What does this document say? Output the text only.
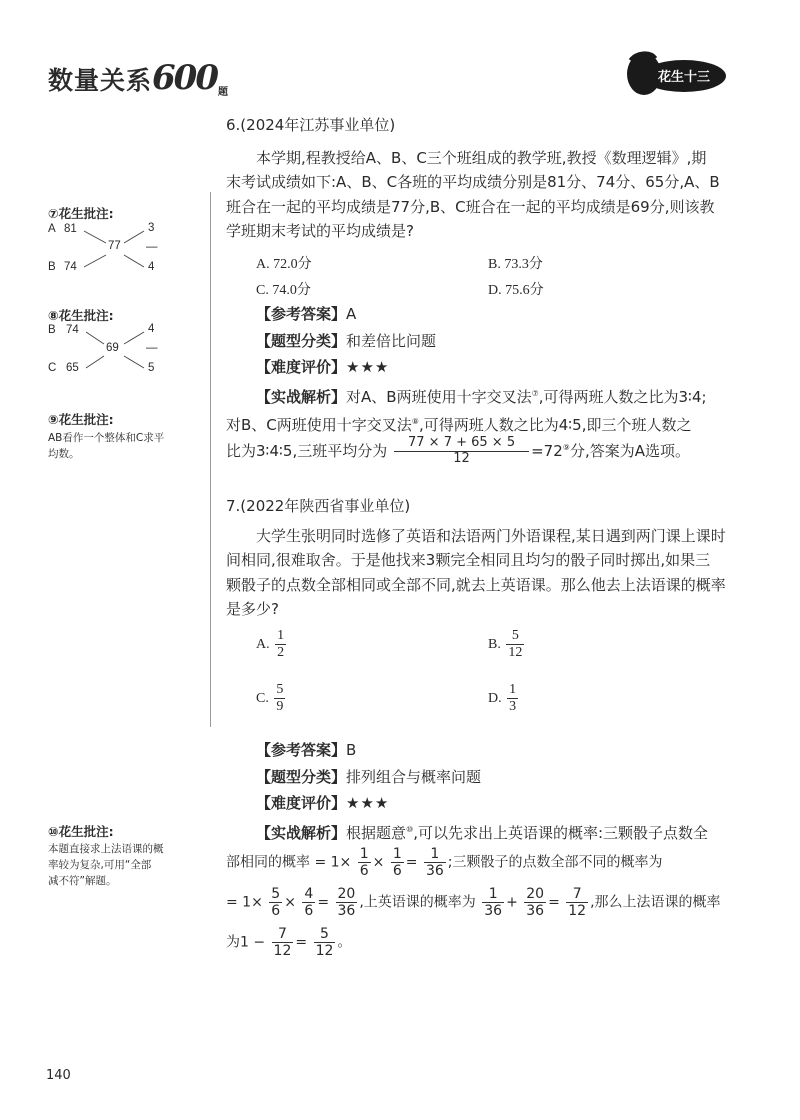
数量关系600题
花生十三
⑦花生批注:
A 81
B 74
77
3
—
4
⑧花生批注:
B 74
C 65
69
4
—
5
⑨花生批注:
AB看作一个整体和C求平
均数。
⑩花生批注:
本题直接求上法语课的概
率较为复杂,可用“全部
减不符”解题。
6.(2024年江苏事业单位)
本学期,程教授给A、B、C三个班组成的教学班,教授《数理逻辑》,期
末考试成绩如下:A、B、C各班的平均成绩分别是81分、74分、65分,A、B
班合在一起的平均成绩是77分,B、C班合在一起的平均成绩是69分,则该教
学班期末考试的平均成绩是?
A. 72.0分	B. 73.3分
C. 74.0分	D. 75.6分
【参考答案】A
【题型分类】和差倍比问题
【难度评价】★★★
【实战解析】对A、B两班使用十字交叉法⑦,可得两班人数之比为3∶4;
对B、C两班使用十字交叉法⑧,可得两班人数之比为4∶5,即三个班人数之
比为3∶4∶5,三班平均分为 $\frac{77 \times 7 + 65 \times 5}{12} =72^⑨$分,答案为A选项。
7.(2022年陕西省事业单位)
大学生张明同时选修了英语和法语两门外语课程,某日遇到两门课上课时
间相同,很难取舍。于是他找来3颗完全相同且均匀的骰子同时掷出,如果三
颗骰子的点数全部相同或全部不同,就去上英语课。那么他去上法语课的概率
是多少?
A. $\frac{1}{2}$	B. $\frac{5}{12}$
C. $\frac{5}{9}$	D. $\frac{1}{3}$
【参考答案】B
【题型分类】排列组合与概率问题
【难度评价】★★★
【实战解析】根据题意⑩,可以先求出上英语课的概率:三颗骰子点数全
部相同的概率 = $1\times \frac{1}{6} \times \frac{1}{6} = \frac{1}{36}$ ;三颗骰子的点数全部不同的概率为
= $1\times \frac{5}{6} \times \frac{4}{6} = \frac{20}{36}$ ,上英语课的概率为 $\frac{1}{36} + \frac{20}{36} = \frac{7}{12}$ ,那么上法语课的概率
为$1 - \frac{7}{12} = \frac{5}{12}$ 。
140
